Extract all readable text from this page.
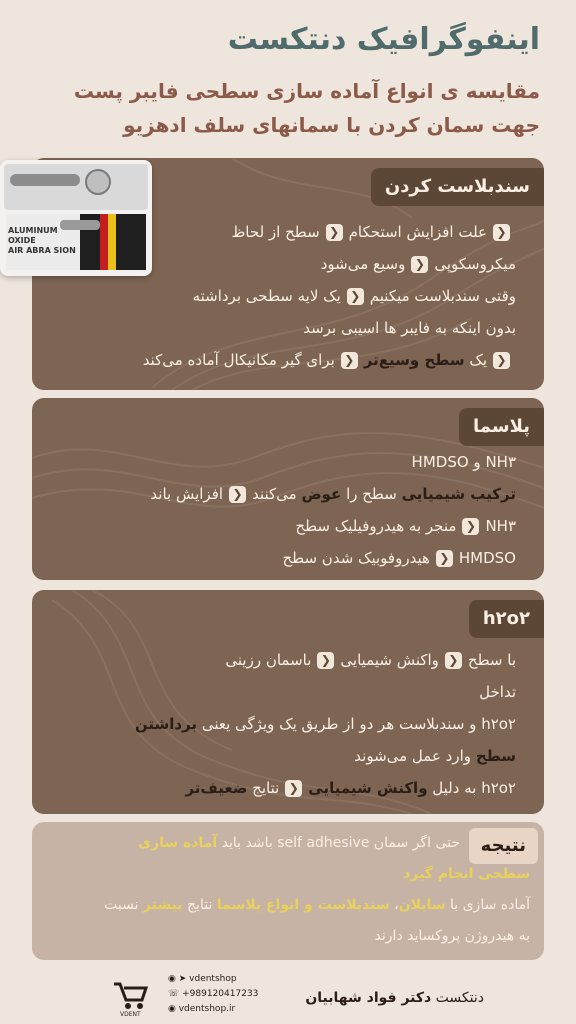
اینفوگرافیک دنتکست
مقایسه ی انواع آماده سازی سطحی فایبر پست
جهت سمان کردن با سمانهای سلف ادهزیو
سندبلاست کردن
❮علت افزایش استحکام❮سطح از لحاظ
میکروسکوپی❮وسیع می‌شود
وقتی سندبلاست میکنیم❮یک لایه سطحی برداشته
بدون اینکه به فایبر ها اسیبی برسد
❮یک سطح وسیع‌تر❮برای گیر مکانیکال آماده می‌کند
ALUMINUM
OXIDE
AIR ABRA SION
پلاسما
NH۳ و HMDSO
ترکیب شیمیایی سطح را عوض می‌کنند❮افزایش باند
NH۳❮منجر به هیدروفیلیک سطح
HMDSO❮هیدروفوبیک شدن سطح
h۲o۲
با سطح❮واکنش شیمیایی❮باسمان رزینی
تداخل
h۲o۲ و سندبلاست هر دو از طریق یک ویژگی یعنی برداشتن
سطح وارد عمل می‌شوند
h۲o۲ به دلیل واکنش شیمیایی❮نتایج ضعیف‌تر
نتیجه
حتی اگر سمان self adhesive باشد باید آماده سازی
سطحی انجام گیرد
آماده سازی با سایلان، سندبلاست و انواع پلاسما نتایج بیشتر نسبت
به هیدروژن پروکساید دارند
دنتکست دکتر فواد شهابیان
◉ ➤ vdentshop
☏ +989120417233
◉ vdentshop.ir
VDENT
